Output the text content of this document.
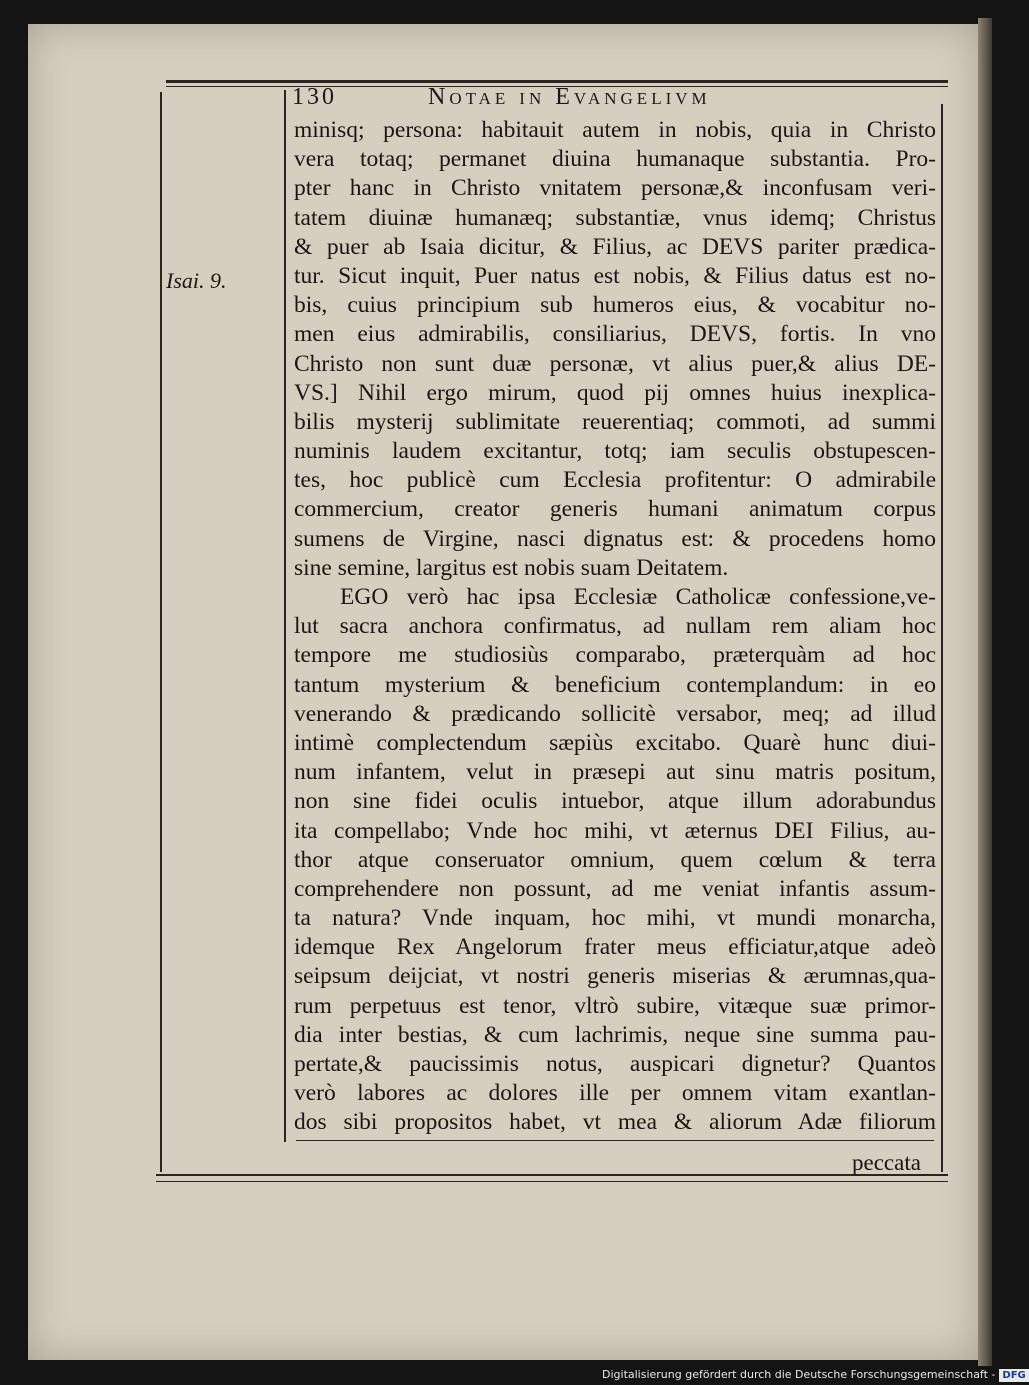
130	Notae in Evangelivm
Isai. 9.
minisq; persona: habitauit autem in nobis, quia in Christo
vera totaq; permanet diuina humanaque substantia. Pro-
pter hanc in Christo vnitatem personæ,& inconfusam veri-
tatem diuinæ humanæq; substantiæ, vnus idemq; Christus
& puer ab Isaia dicitur, & Filius, ac DEVS pariter prædica-
tur. Sicut inquit, Puer natus est nobis, & Filius datus est no-
bis, cuius principium sub humeros eius, & vocabitur no-
men eius admirabilis, consiliarius, DEVS, fortis. In vno
Christo non sunt duæ personæ, vt alius puer,& alius DE-
VS.] Nihil ergo mirum, quod pij omnes huius inexplica-
bilis mysterij sublimitate reuerentiaq; commoti, ad summi
numinis laudem excitantur, totq; iam seculis obstupescen-
tes, hoc publicè cum Ecclesia profitentur: O admirabile
commercium, creator generis humani animatum corpus
sumens de Virgine, nasci dignatus est: & procedens homo
sine semine, largitus est nobis suam Deitatem.
EGO verò hac ipsa Ecclesiæ Catholicæ confessione,ve-
lut sacra anchora confirmatus, ad nullam rem aliam hoc
tempore me studiosiùs comparabo, præterquàm ad hoc
tantum mysterium & beneficium contemplandum: in eo
venerando & prædicando sollicitè versabor, meq; ad illud
intimè complectendum sæpiùs excitabo. Quarè hunc diui-
num infantem, velut in præsepi aut sinu matris positum,
non sine fidei oculis intuebor, atque illum adorabundus
ita compellabo; Vnde hoc mihi, vt æternus DEI Filius, au-
thor atque conseruator omnium, quem cœlum & terra
comprehendere non possunt, ad me veniat infantis assum-
ta natura? Vnde inquam, hoc mihi, vt mundi monarcha,
idemque Rex Angelorum frater meus efficiatur,atque adeò
seipsum deijciat, vt nostri generis miserias & ærumnas,qua-
rum perpetuus est tenor, vltrò subire, vitæque suæ primor-
dia inter bestias, & cum lachrimis, neque sine summa pau-
pertate,& paucissimis notus, auspicari dignetur? Quantos
verò labores ac dolores ille per omnem vitam exantlan-
dos sibi propositos habet, vt mea & aliorum Adæ filiorum
peccata
Digitalisierung gefördert durch die Deutsche Forschungsgemeinschaft - DFG
